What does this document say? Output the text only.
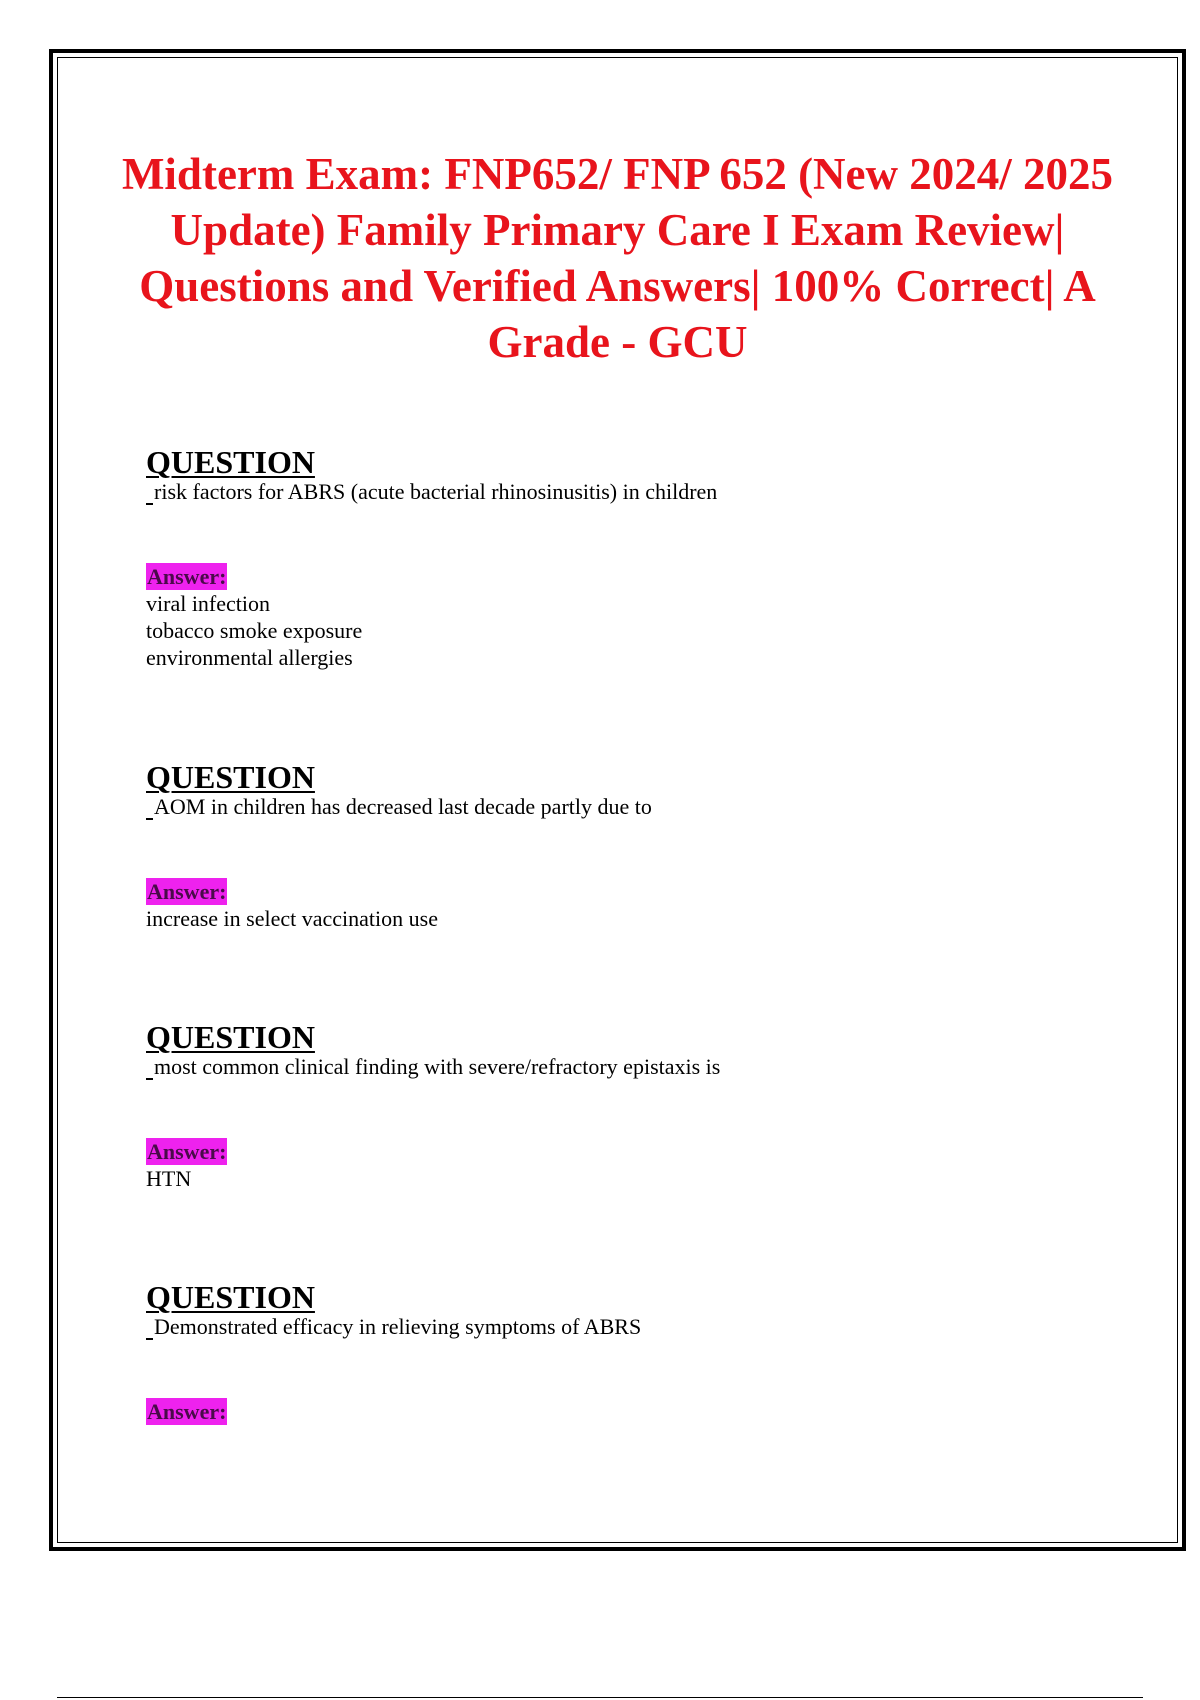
Midterm Exam: FNP652/ FNP 652 (New 2024/ 2025 Update) Family Primary Care I Exam Review| Questions and Verified Answers| 100% Correct| A Grade - GCU
QUESTION
risk factors for ABRS (acute bacterial rhinosinusitis) in children
Answer:
viral infection
tobacco smoke exposure
environmental allergies
QUESTION
AOM in children has decreased last decade partly due to
Answer:
increase in select vaccination use
QUESTION
most common clinical finding with severe/refractory epistaxis is
Answer:
HTN
QUESTION
Demonstrated efficacy in relieving symptoms of ABRS
Answer:
